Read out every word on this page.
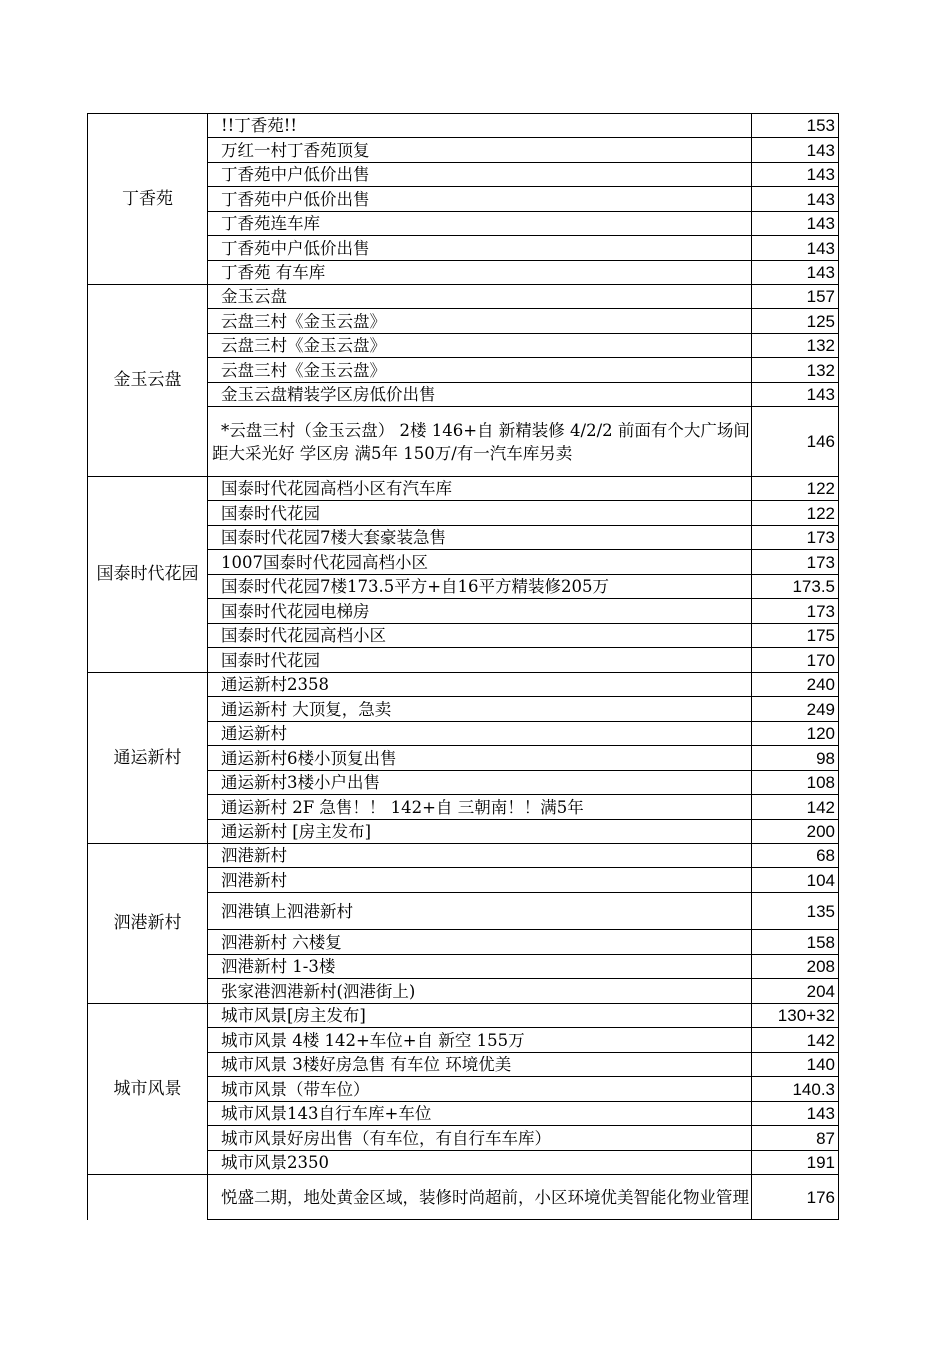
丁香苑	!!丁香苑!!	153
	万红一村丁香苑顶复	143
	丁香苑中户低价出售	143
	丁香苑中户低价出售	143
	丁香苑连车库	143
	丁香苑中户低价出售	143
	丁香苑 有车库	143
金玉云盘	金玉云盘	157
	云盘三村《金玉云盘》	125
	云盘三村《金玉云盘》	132
	云盘三村《金玉云盘》	132
	金玉云盘精装学区房低价出售	143
	*云盘三村（金玉云盘） 2楼 146+自 新精装修 4/2/2 前面有个大广场间距大采光好 学区房 满5年 150万/有一汽车库另卖	146
国泰时代花园	国泰时代花园高档小区有汽车库	122
	国泰时代花园	122
	国泰时代花园7楼大套豪装急售	173
	1007国泰时代花园高档小区	173
	国泰时代花园7楼173.5平方+自16平方精装修205万	173.5
	国泰时代花园电梯房	173
	国泰时代花园高档小区	175
	国泰时代花园	170
通运新村	通运新村2358	240
	通运新村 大顶复，急卖	249
	通运新村	120
	通运新村6楼小顶复出售	98
	通运新村3楼小户出售	108
	通运新村 2F 急售！！ 142+自 三朝南！！满5年	142
	通运新村 [房主发布]	200
泗港新村	泗港新村	68
	泗港新村	104
	泗港镇上泗港新村	135
	泗港新村 六楼复	158
	泗港新村 1-3楼	208
	张家港泗港新村(泗港街上)	204
城市风景	城市风景[房主发布]	130+32
	城市风景 4楼 142+车位+自 新空 155万	142
	城市风景 3楼好房急售 有车位 环境优美	140
	城市风景（带车位）	140.3
	城市风景143自行车库+车位	143
	城市风景好房出售（有车位，有自行车车库）	87
	城市风景2350	191
	悦盛二期，地处黄金区域，装修时尚超前，小区环境优美智能化物业管理	176
